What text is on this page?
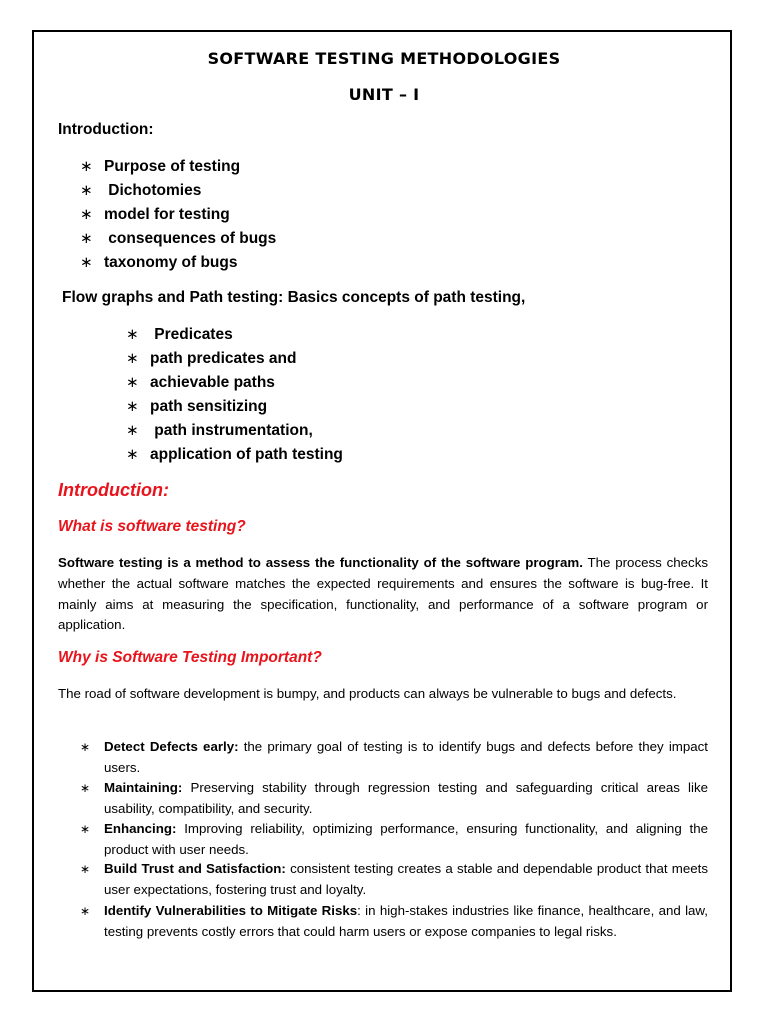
SOFTWARE TESTING METHODOLOGIES
UNIT – I
Introduction:
∗ Purpose of testing
∗ Dichotomies
∗ model for testing
∗ consequences of bugs
∗ taxonomy of bugs
Flow graphs and Path testing: Basics concepts of path testing,
∗ Predicates
∗ path predicates and
∗ achievable paths
∗ path sensitizing
∗ path instrumentation,
∗ application of path testing
Introduction:
What is software testing?
Software testing is a method to assess the functionality of the software program. The process checks whether the actual software matches the expected requirements and ensures the software is bug-free. It mainly aims at measuring the specification, functionality, and performance of a software program or application.
Why is Software Testing Important?
The road of software development is bumpy, and products can always be vulnerable to bugs and defects.
∗	Detect Defects early: the primary goal of testing is to identify bugs and defects before they impact users.
∗	Maintaining: Preserving stability through regression testing and safeguarding critical areas like usability, compatibility, and security.
∗	Enhancing: Improving reliability, optimizing performance, ensuring functionality, and aligning the product with user needs.
∗	Build Trust and Satisfaction: consistent testing creates a stable and dependable product that meets user expectations, fostering trust and loyalty.
∗	Identify Vulnerabilities to Mitigate Risks: in high-stakes industries like finance, healthcare, and law, testing prevents costly errors that could harm users or expose companies to legal risks.
